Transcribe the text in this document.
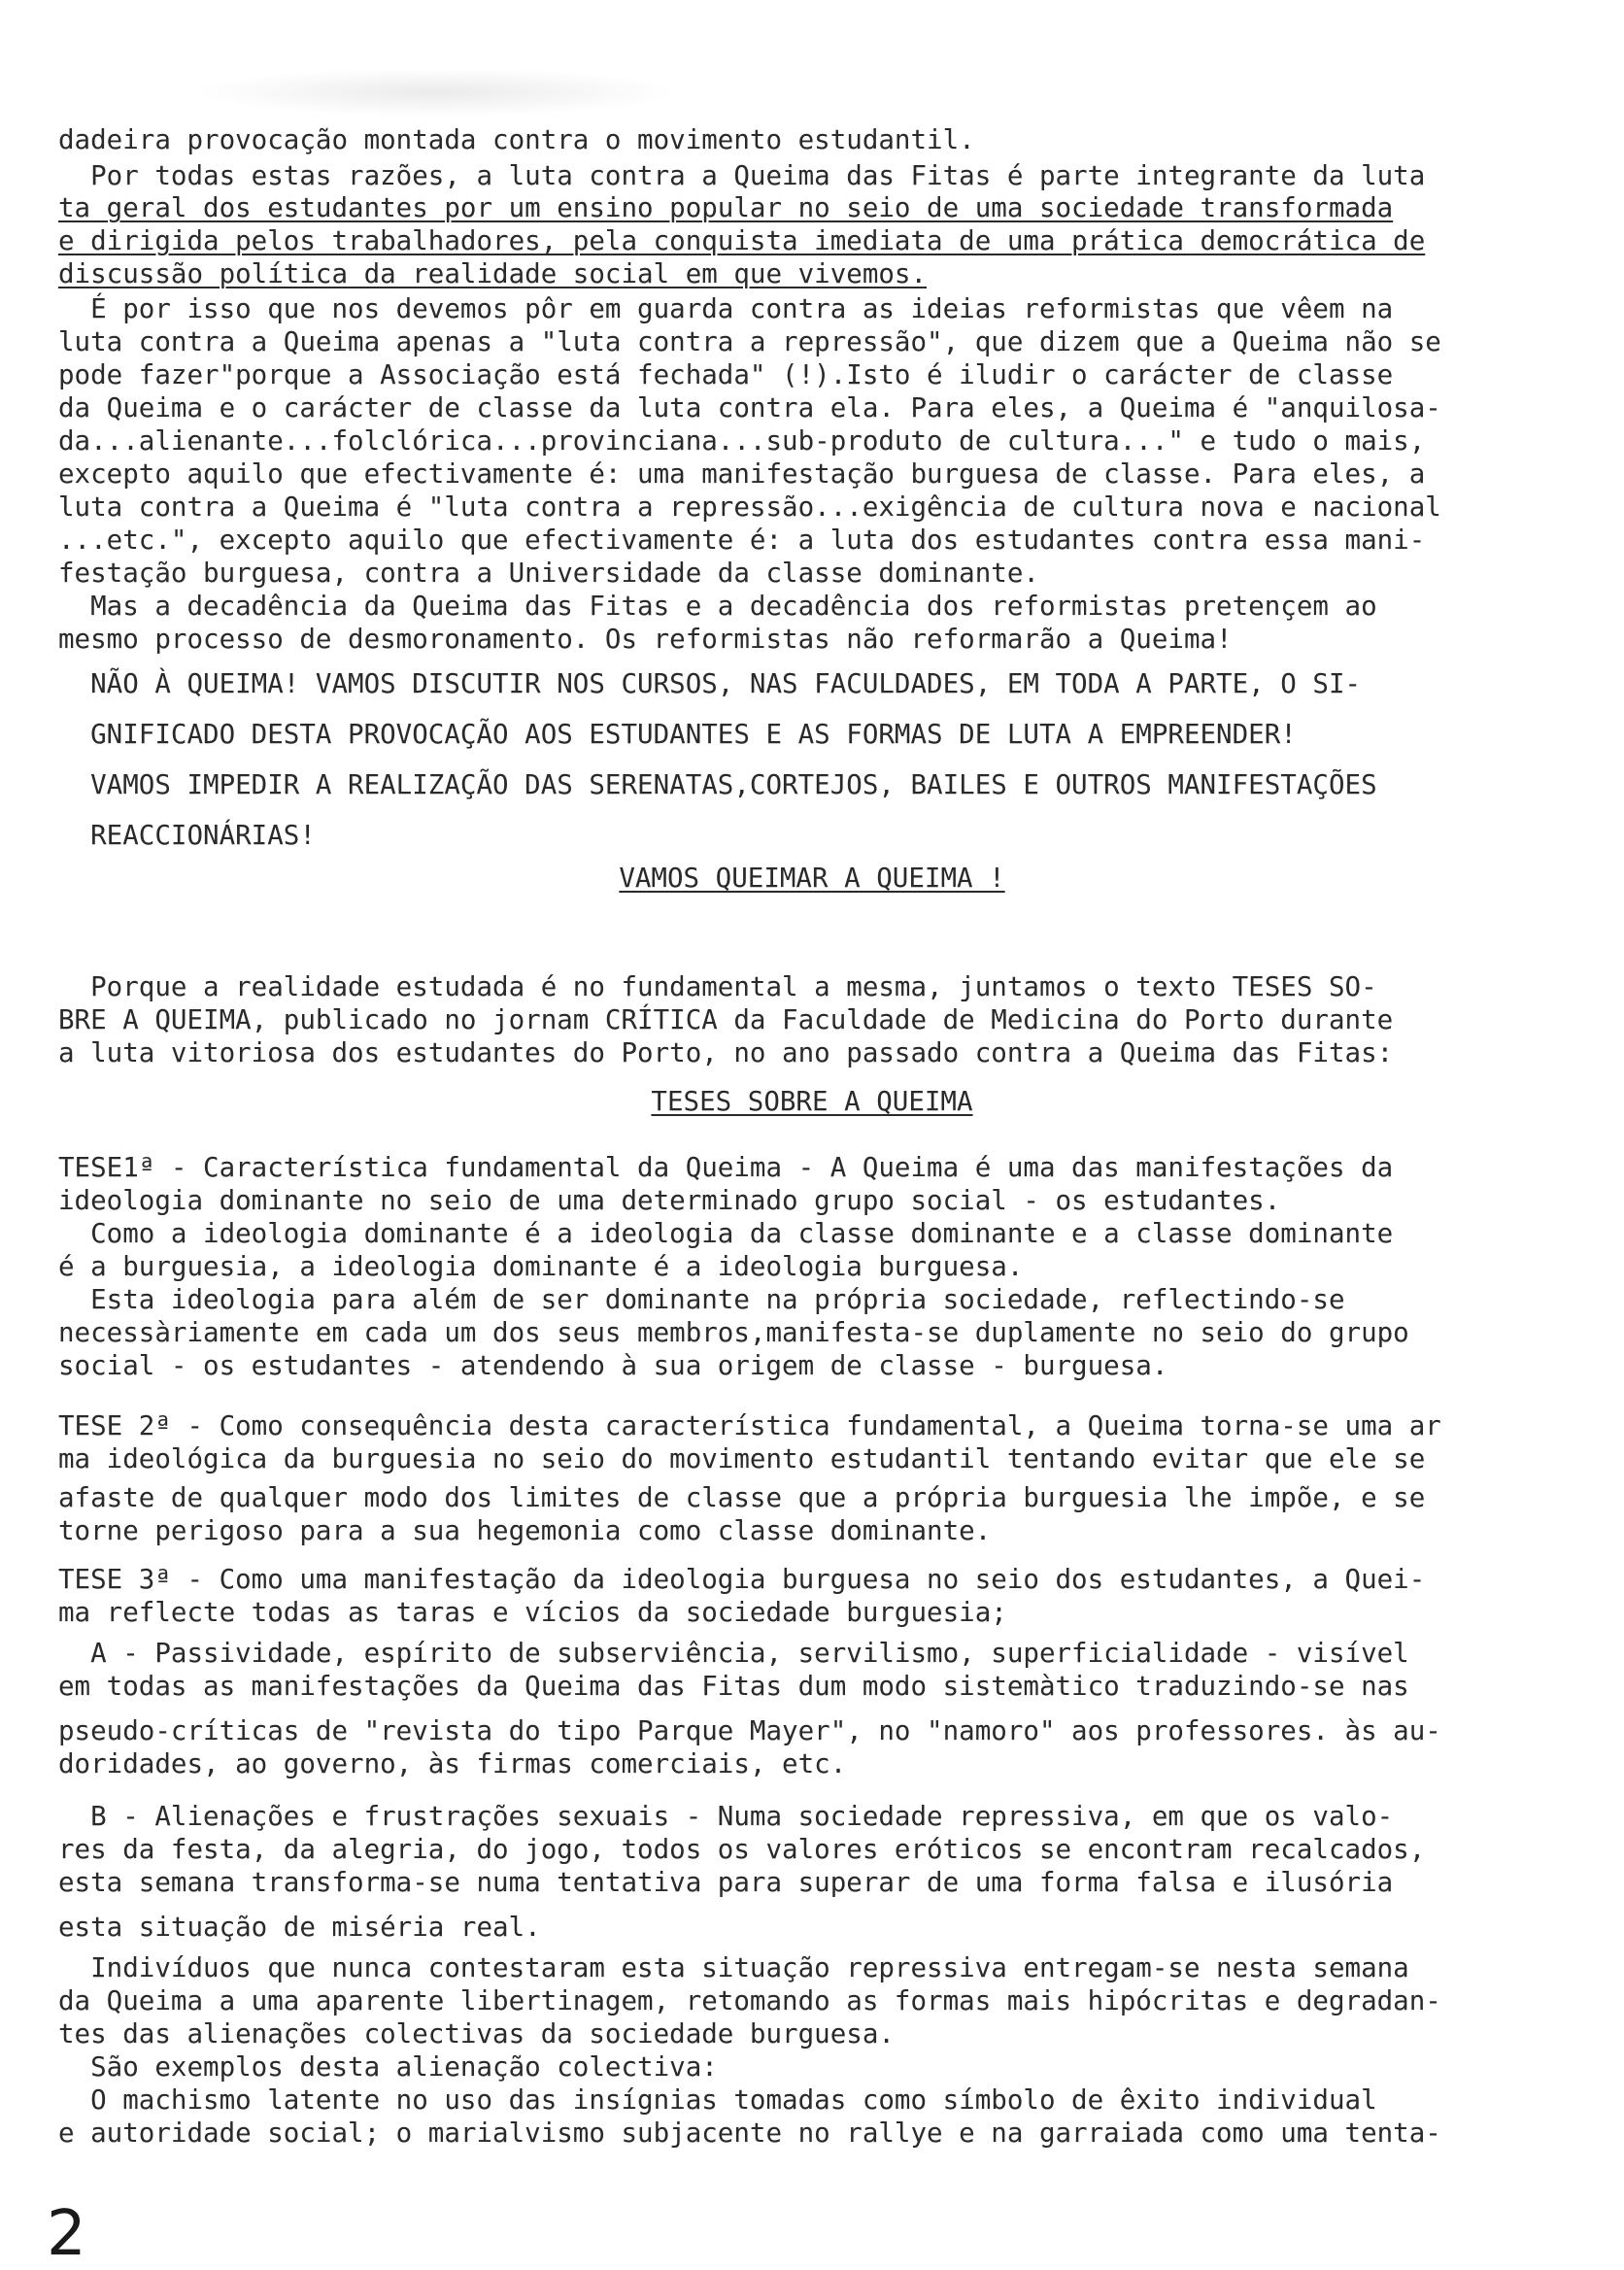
dadeira provocação montada contra o movimento estudantil.
Por todas estas razões, a luta contra a Queima das Fitas é parte integrante da luta
ta geral dos estudantes por um ensino popular no seio de uma sociedade transformada
e dirigida pelos trabalhadores, pela conquista imediata de uma prática democrática de
discussão política da realidade social em que vivemos.
É por isso que nos devemos pôr em guarda contra as ideias reformistas que vêem na
luta contra a Queima apenas a "luta contra a repressão", que dizem que a Queima não se
pode fazer"porque a Associação está fechada" (!).Isto é iludir o carácter de classe
da Queima e o carácter de classe da luta contra ela. Para eles, a Queima é "anquilosa-
da...alienante...folclórica...provinciana...sub-produto de cultura..." e tudo o mais,
excepto aquilo que efectivamente é: uma manifestação burguesa de classe. Para eles, a
luta contra a Queima é "luta contra a repressão...exigência de cultura nova e nacional
...etc.", excepto aquilo que efectivamente é: a luta dos estudantes contra essa mani-
festação burguesa, contra a Universidade da classe dominante.
Mas a decadência da Queima das Fitas e a decadência dos reformistas pretençem ao
mesmo processo de desmoronamento. Os reformistas não reformarão a Queima!
NÃO À QUEIMA! VAMOS DISCUTIR NOS CURSOS, NAS FACULDADES, EM TODA A PARTE, O SI-
GNIFICADO DESTA PROVOCAÇÃO AOS ESTUDANTES E AS FORMAS DE LUTA A EMPREENDER!
VAMOS IMPEDIR A REALIZAÇÃO DAS SERENATAS,CORTEJOS, BAILES E OUTROS MANIFESTAÇÕES
REACCIONÁRIAS!
VAMOS QUEIMAR A QUEIMA !
Porque a realidade estudada é no fundamental a mesma, juntamos o texto TESES SO-
BRE A QUEIMA, publicado no jornam CRÍTICA da Faculdade de Medicina do Porto durante
a luta vitoriosa dos estudantes do Porto, no ano passado contra a Queima das Fitas:
TESES SOBRE A QUEIMA
TESE1ª - Característica fundamental da Queima - A Queima é uma das manifestações da
ideologia dominante no seio de uma determinado grupo social - os estudantes.
Como a ideologia dominante é a ideologia da classe dominante e a classe dominante
é a burguesia, a ideologia dominante é a ideologia burguesa.
Esta ideologia para além de ser dominante na própria sociedade, reflectindo-se
necessàriamente em cada um dos seus membros,manifesta-se duplamente no seio do grupo
social - os estudantes - atendendo à sua origem de classe - burguesa.
TESE 2ª - Como consequência desta característica fundamental, a Queima torna-se uma ar
ma ideológica da burguesia no seio do movimento estudantil tentando evitar que ele se
afaste de qualquer modo dos limites de classe que a própria burguesia lhe impõe, e se
torne perigoso para a sua hegemonia como classe dominante.
TESE 3ª - Como uma manifestação da ideologia burguesa no seio dos estudantes, a Quei-
ma reflecte todas as taras e vícios da sociedade burguesia;
A - Passividade, espírito de subserviência, servilismo, superficialidade - visível
em todas as manifestações da Queima das Fitas dum modo sistemàtico traduzindo-se nas
pseudo-críticas de "revista do tipo Parque Mayer", no "namoro" aos professores. às au-
doridades, ao governo, às firmas comerciais, etc.
B - Alienações e frustrações sexuais - Numa sociedade repressiva, em que os valo-
res da festa, da alegria, do jogo, todos os valores eróticos se encontram recalcados,
esta semana transforma-se numa tentativa para superar de uma forma falsa e ilusória
esta situação de miséria real.
Indivíduos que nunca contestaram esta situação repressiva entregam-se nesta semana
da Queima a uma aparente libertinagem, retomando as formas mais hipócritas e degradan-
tes das alienações colectivas da sociedade burguesa.
São exemplos desta alienação colectiva:
O machismo latente no uso das insígnias tomadas como símbolo de êxito individual
e autoridade social; o marialvismo subjacente no rallye e na garraiada como uma tenta-
2
